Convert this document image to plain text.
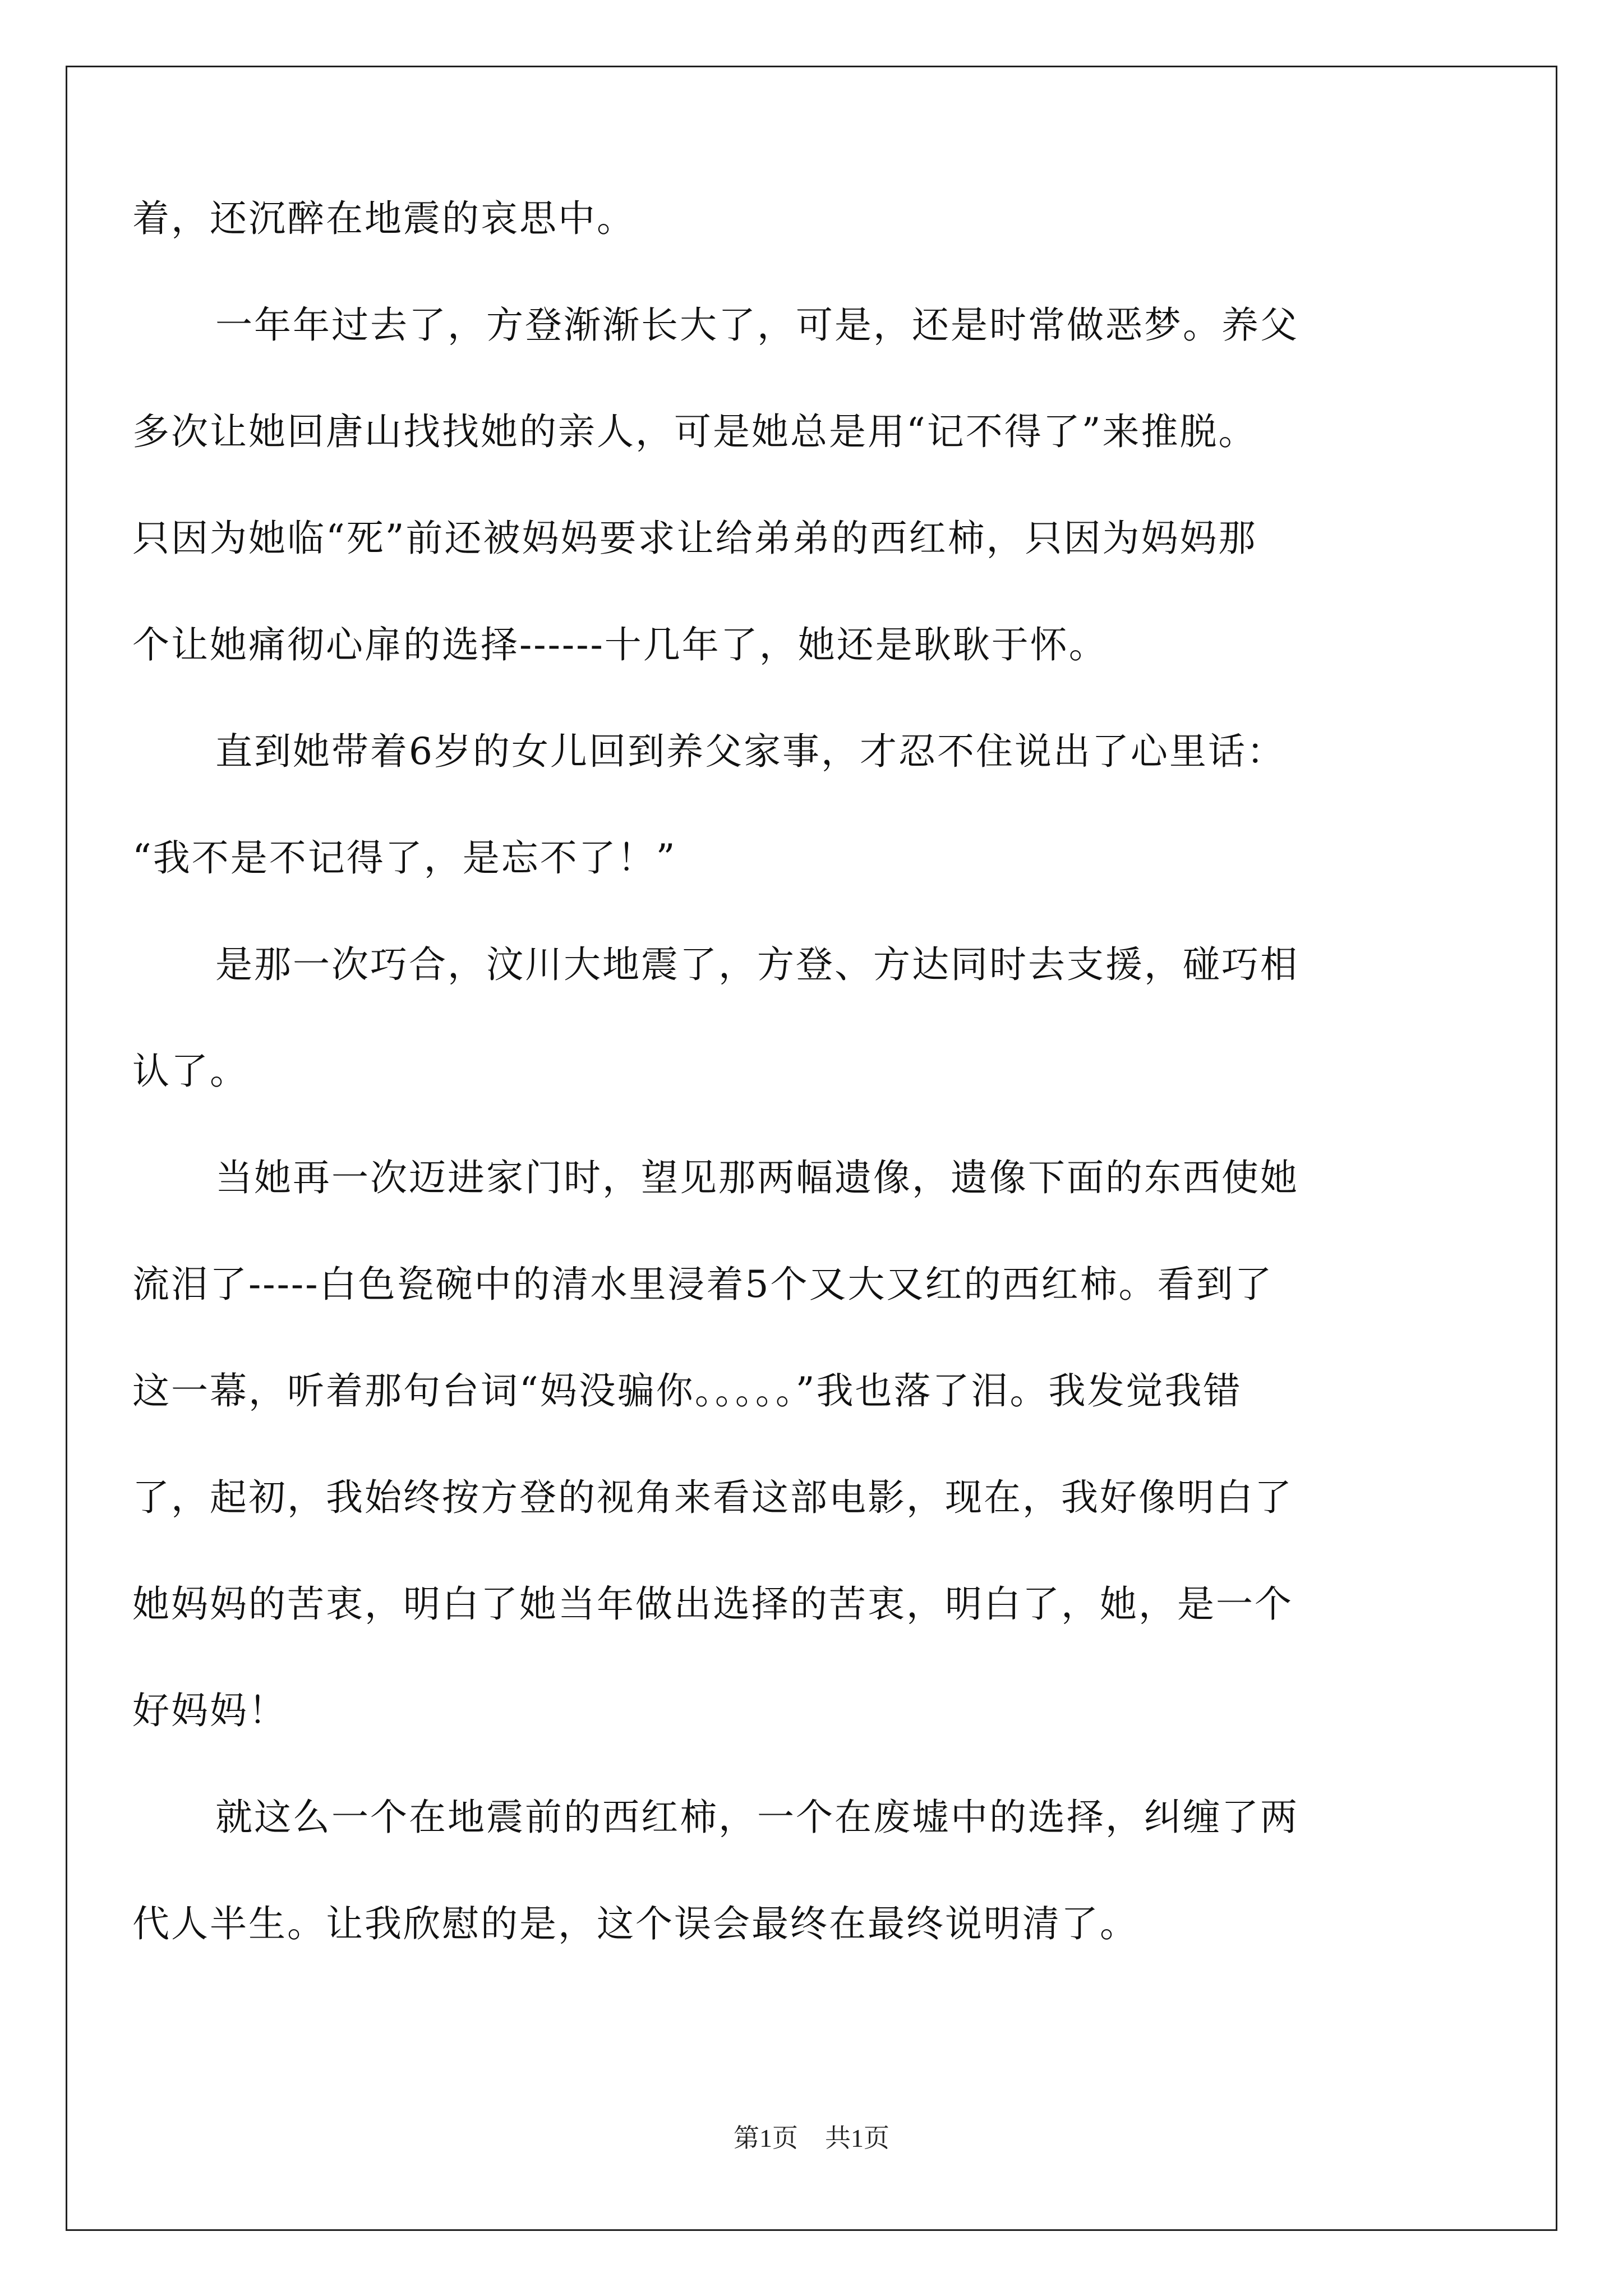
着，还沉醉在地震的哀思中。
一年年过去了，方登渐渐长大了，可是，还是时常做恶梦。养父
多次让她回唐山找找她的亲人，可是她总是用“记不得了”来推脱。
只因为她临“死”前还被妈妈要求让给弟弟的西红柿，只因为妈妈那
个让她痛彻心扉的选择------十几年了，她还是耿耿于怀。
直到她带着6岁的女儿回到养父家事，才忍不住说出了心里话：
“我不是不记得了，是忘不了！”
是那一次巧合，汶川大地震了，方登、方达同时去支援，碰巧相
认了。
当她再一次迈进家门时，望见那两幅遗像，遗像下面的东西使她
流泪了-----白色瓷碗中的清水里浸着5个又大又红的西红柿。看到了
这一幕，听着那句台词“妈没骗你。。。。。”我也落了泪。我发觉我错
了，起初，我始终按方登的视角来看这部电影，现在，我好像明白了
她妈妈的苦衷，明白了她当年做出选择的苦衷，明白了，她，是一个
好妈妈！
就这么一个在地震前的西红柿，一个在废墟中的选择，纠缠了两
代人半生。让我欣慰的是，这个误会最终在最终说明清了。
第1页 共1页
